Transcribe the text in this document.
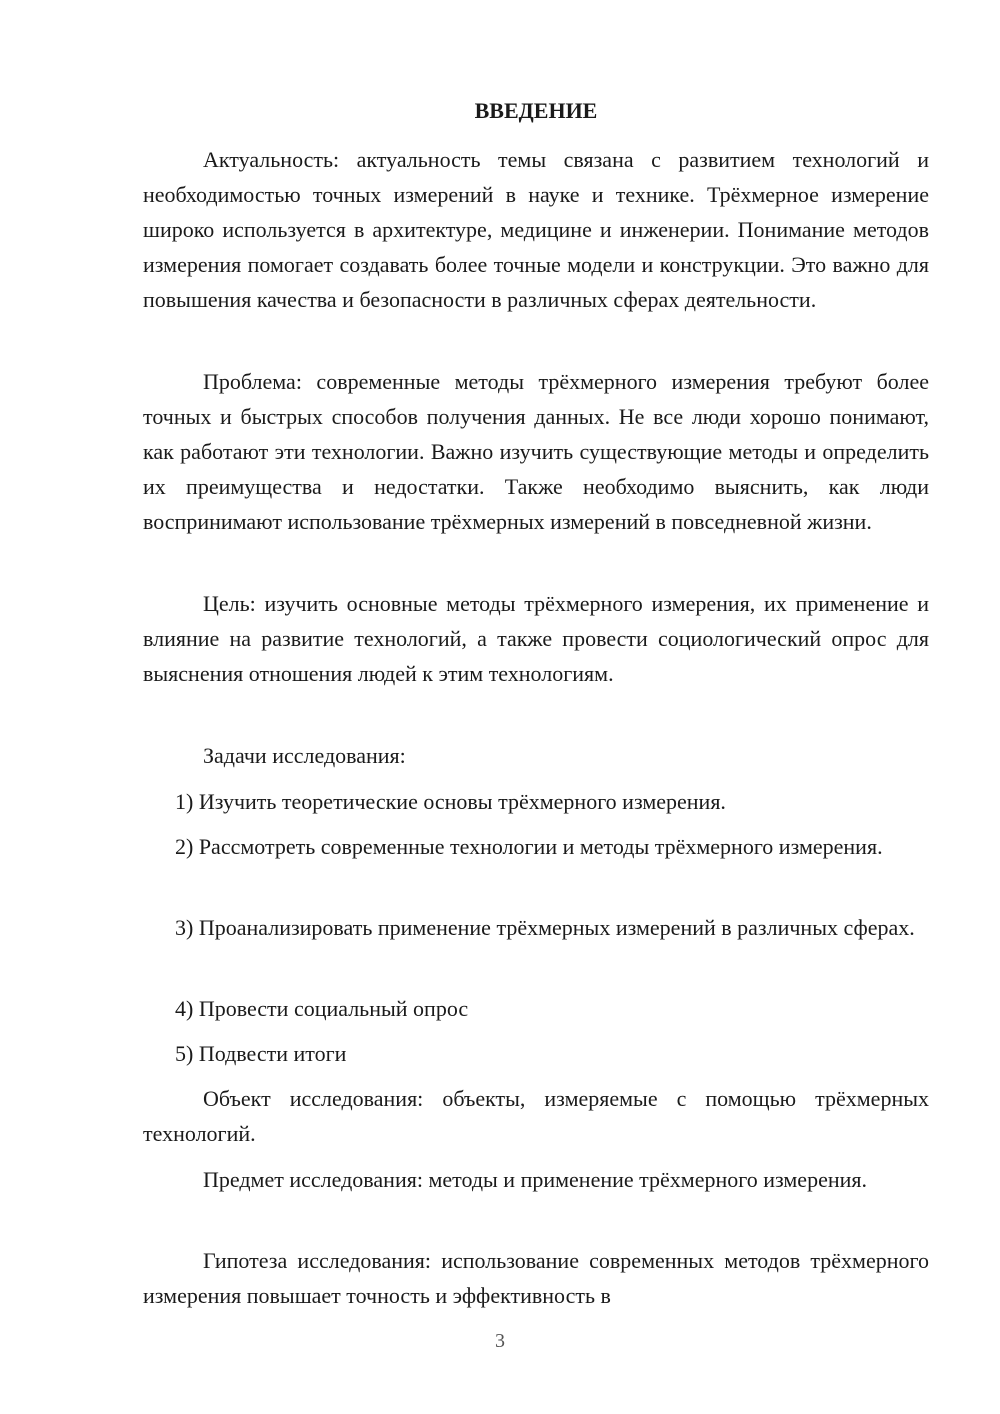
ВВЕДЕНИЕ

Актуальность: актуальность темы связана с развитием технологий и необходимостью точных измерений в науке и технике. Трёхмерное измерение широко используется в архитектуре, медицине и инженерии. Понимание методов измерения помогает создавать более точные модели и конструкции. Это важно для повышения качества и безопасности в различных сферах деятельности.

Проблема: современные методы трёхмерного измерения требуют более точных и быстрых способов получения данных. Не все люди хорошо понимают, как работают эти технологии. Важно изучить существующие методы и определить их преимущества и недостатки. Также необходимо выяснить, как люди воспринимают использование трёхмерных измерений в повседневной жизни.

Цель: изучить основные методы трёхмерного измерения, их применение и влияние на развитие технологий, а также провести социологический опрос для выяснения отношения людей к этим технологиям.

Задачи исследования:

1) Изучить теоретические основы трёхмерного измерения.

2) Рассмотреть современные технологии и методы трёхмерного измерения.

3) Проанализировать применение трёхмерных измерений в различных сферах.

4) Провести социальный опрос

5) Подвести итоги

Объект исследования: объекты, измеряемые с помощью трёхмерных технологий.

Предмет исследования: методы и применение трёхмерного измерения.

Гипотеза исследования: использование современных методов трёхмерного измерения повышает точность и эффективность в

3
